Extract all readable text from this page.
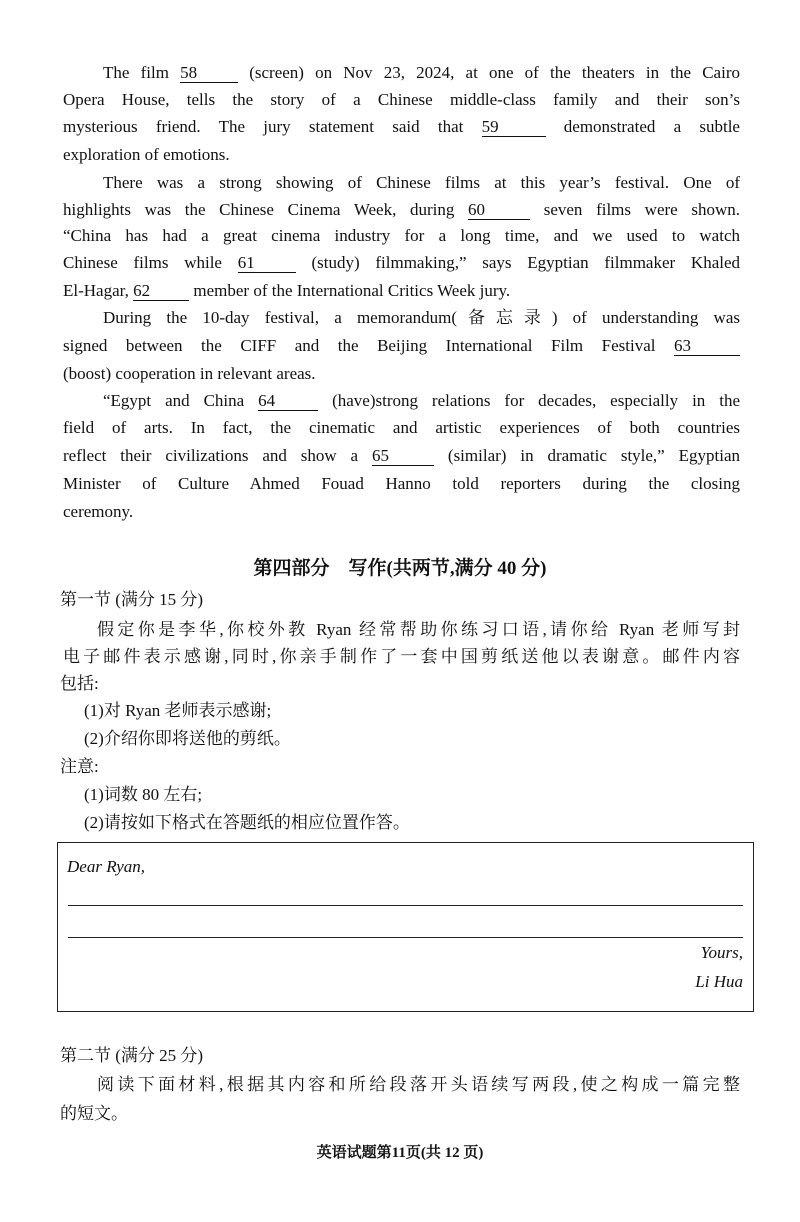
The film 58 (screen) on Nov 23, 2024, at one of the theaters in the Cairo
Opera House, tells the story of a Chinese middle-class family and their son’s
mysterious friend. The jury statement said that 59	demonstrated a subtle
exploration of emotions.
There was a strong showing of Chinese films at this year’s festival. One of
highlights was the Chinese Cinema Week, during 60	seven films were shown.
“China has had a great cinema industry for a long time, and we used to watch
Chinese films while 61 (study) filmmaking,” says Egyptian filmmaker Khaled
El-Hagar, 62 member of the International Critics Week jury.
During the 10-day festival, a memorandum(备忘录) of understanding was
signed between the CIFF and the Beijing International Film Festival 63
(boost) cooperation in relevant areas.
“Egypt and China 64	(have)strong relations for decades, especially in the
field of arts. In fact, the cinematic and artistic experiences of both countries
reflect their civilizations and show a 65	(similar) in dramatic style,” Egyptian
Minister of Culture Ahmed Fouad Hanno told reporters during the closing
ceremony.
第四部分　写作(共两节,满分 40 分)
第一节 (满分 15 分)
假定你是李华,你校外教 Ryan 经常帮助你练习口语,请你给 Ryan 老师写封
电子邮件表示感谢,同时,你亲手制作了一套中国剪纸送他以表谢意。邮件内容
包括:
(1)对 Ryan 老师表示感谢;
(2)介绍你即将送他的剪纸。
注意:
(1)词数 80 左右;
(2)请按如下格式在答题纸的相应位置作答。
Dear Ryan,
Yours,
Li Hua
第二节 (满分 25 分)
阅读下面材料,根据其内容和所给段落开头语续写两段,使之构成一篇完整
的短文。
英语试题第11页(共 12 页)
